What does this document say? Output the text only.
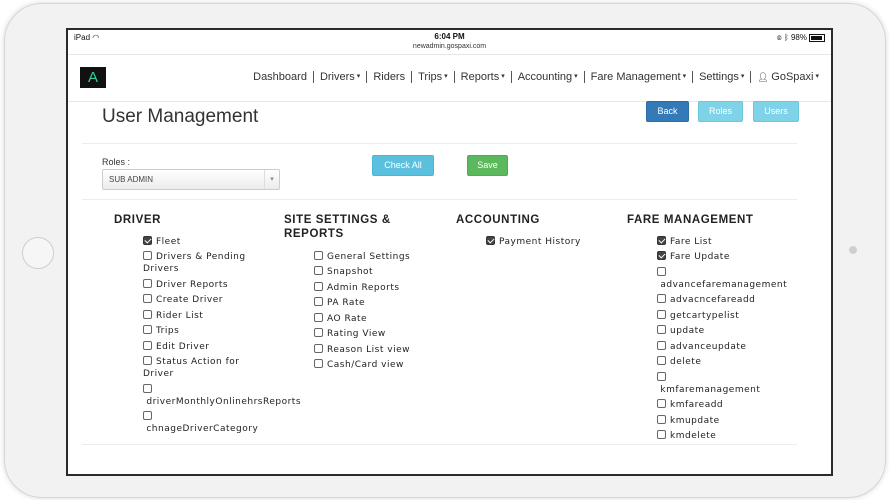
iPad ◠	6:04 PM
newadmin.gospaxi.com
◎ ᛒ 98%
A	Dashboard	Drivers ▾	Riders	Trips ▾	Reports ▾	Accounting ▾	Fare Management ▾	Settings ▾	👤︎ GoSpaxi ▾
User Management	Back	Roles	Users
Roles :
SUB ADMIN	▾
Check All	Save
DRIVER	SITE SETTINGS &
REPORTS
ACCOUNTING	FARE MANAGEMENT
Fleet
Drivers & Pending
Drivers
Driver Reports
Create Driver
Rider List
Trips
Edit Driver
Status Action for
Driver

driverMonthlyOnlinehrsReports

chnageDriverCategory
General Settings
Snapshot
Admin Reports
PA Rate
AO Rate
Rating View
Reason List view
Cash/Card view
Payment History	Fare List
Fare Update

advancefaremanagement
advacncefareadd
getcartypelist
update
advanceupdate
delete

kmfaremanagement
kmfareadd
kmupdate
kmdelete
